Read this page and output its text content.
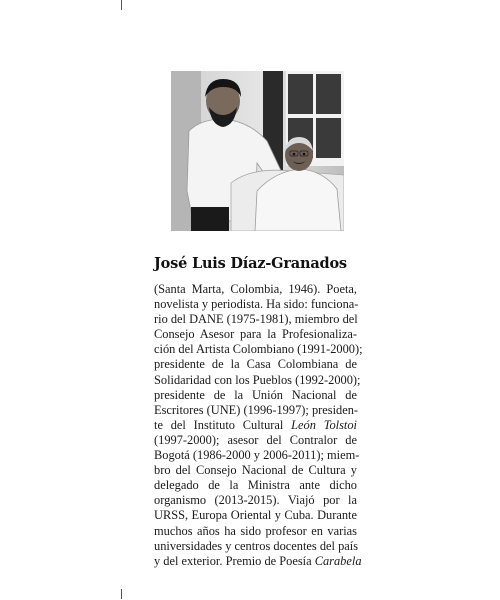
José Luis Díaz-Granados
(Santa Marta, Colombia, 1946). Poeta,
novelista y periodista. Ha sido: funciona-
rio del DANE (1975-1981), miembro del
Consejo Asesor para la Profesionaliza-
ción del Artista Colombiano (1991-2000);
presidente de la Casa Colombiana de
Solidaridad con los Pueblos (1992-2000);
presidente de la Unión Nacional de
Escritores (UNE) (1996-1997); presiden-
te del Instituto Cultural León Tolstoi
(1997-2000); asesor del Contralor de
Bogotá (1986-2000 y 2006-2011); miem-
bro del Consejo Nacional de Cultura y
delegado de la Ministra ante dicho
organismo (2013-2015). Viajó por la
URSS, Europa Oriental y Cuba. Durante
muchos años ha sido profesor en varias
universidades y centros docentes del país
y del exterior. Premio de Poesía Carabela
